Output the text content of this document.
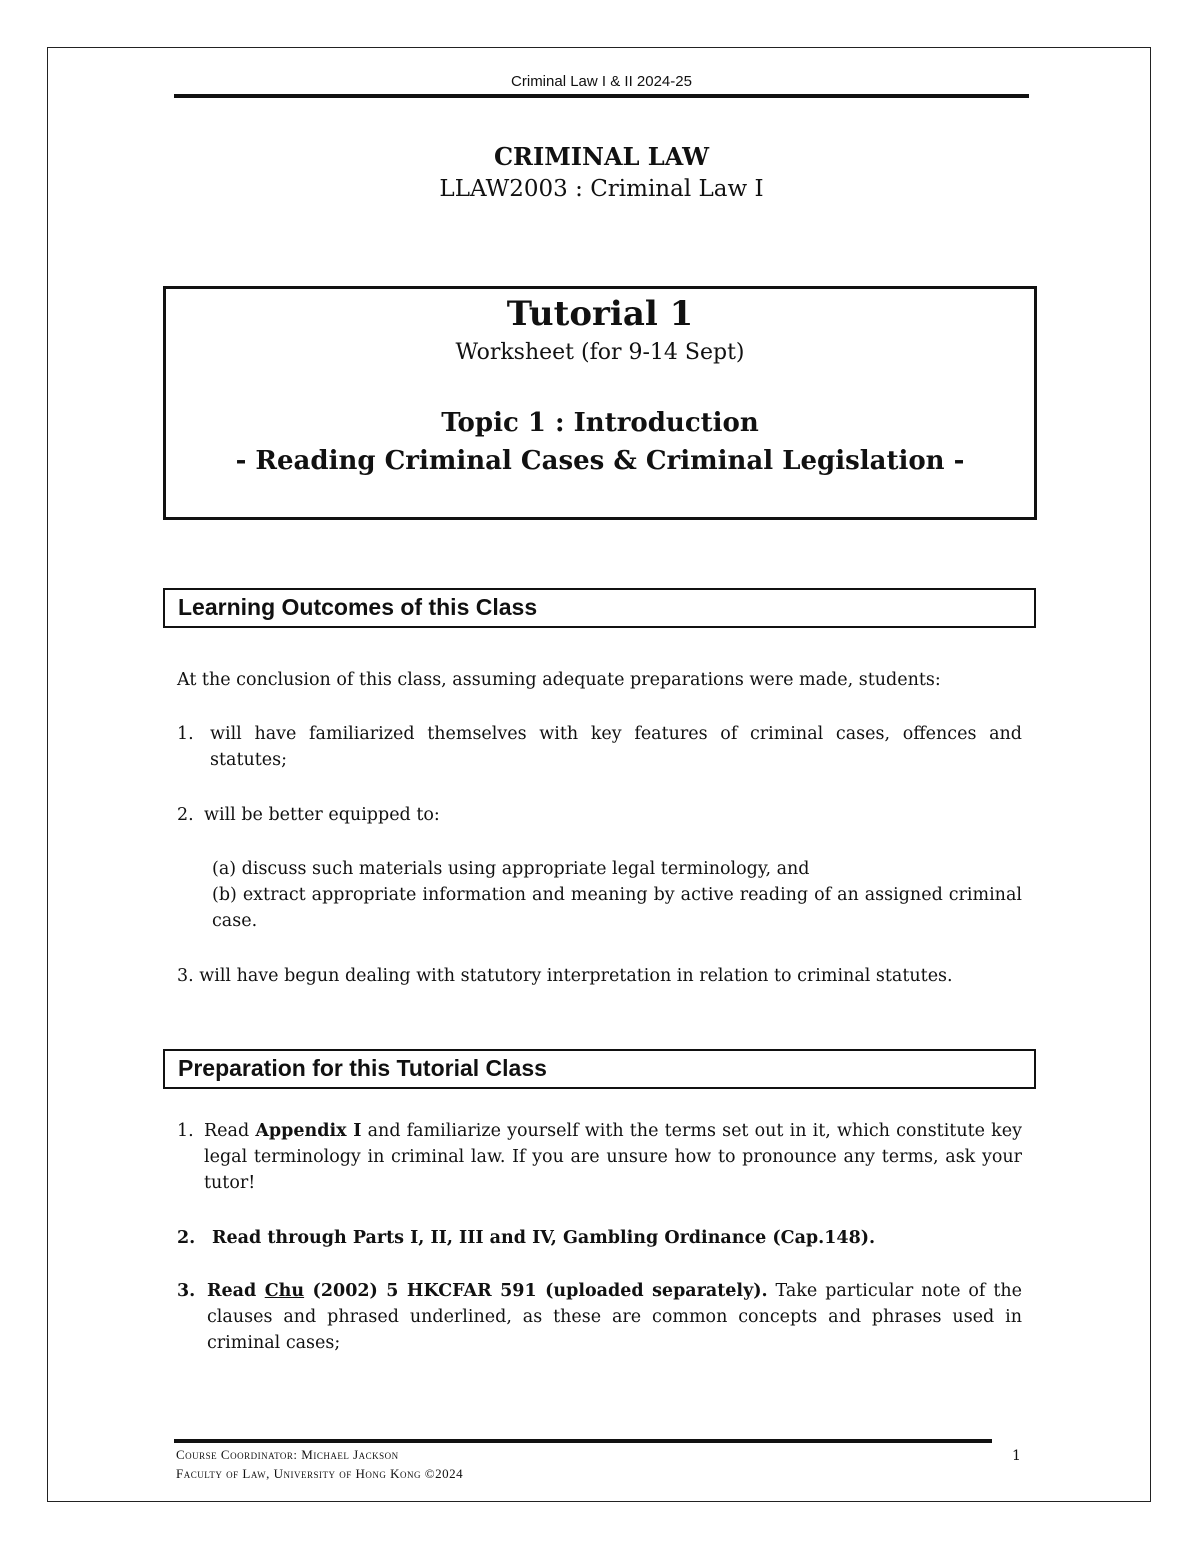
Criminal Law I & II 2024-25
CRIMINAL LAW
LLAW2003 : Criminal Law I
Tutorial 1
Worksheet (for 9-14 Sept)
Topic 1 : Introduction
- Reading Criminal Cases & Criminal Legislation -
Learning Outcomes of this Class
At the conclusion of this class, assuming adequate preparations were made, students:
1. will have familiarized themselves with key features of criminal cases, offences and statutes;
2. will be better equipped to:
(a) discuss such materials using appropriate legal terminology, and
(b) extract appropriate information and meaning by active reading of an assigned criminal case.
3. will have begun dealing with statutory interpretation in relation to criminal statutes.
Preparation for this Tutorial Class
1. Read Appendix I and familiarize yourself with the terms set out in it, which constitute key legal terminology in criminal law. If you are unsure how to pronounce any terms, ask your tutor!
2. Read through Parts I, II, III and IV, Gambling Ordinance (Cap.148).
3. Read Chu (2002) 5 HKCFAR 591 (uploaded separately). Take particular note of the clauses and phrased underlined, as these are common concepts and phrases used in criminal cases;
Course Coordinator: Michael Jackson
Faculty of Law, University of Hong Kong ©2024
1
